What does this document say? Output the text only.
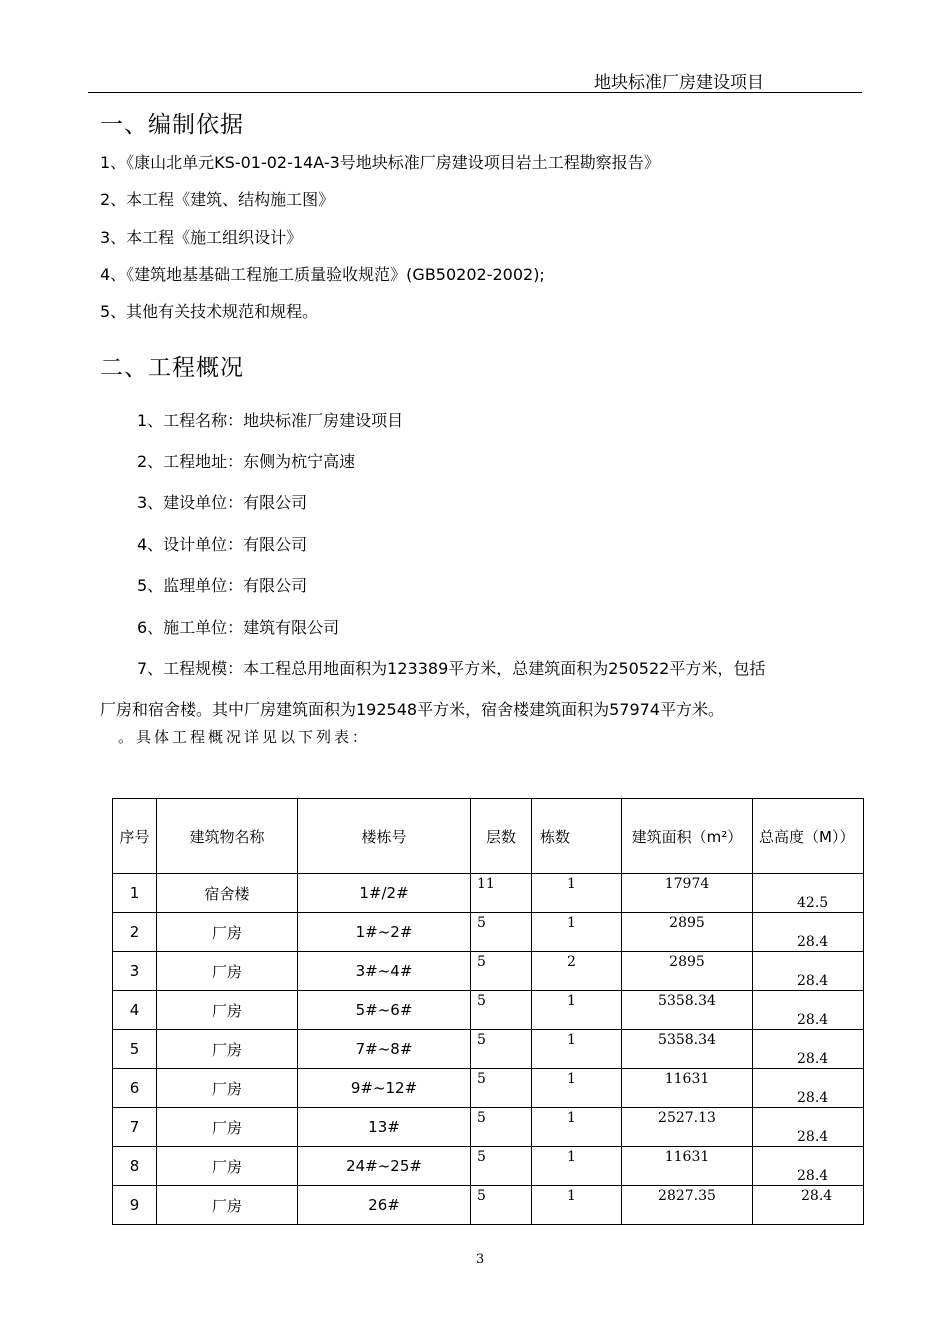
地块标准厂房建设项目
一、编制依据
1、《康山北单元KS-01-02-14A-3号地块标准厂房建设项目岩土工程勘察报告》
2、本工程《建筑、结构施工图》
3、本工程《施工组织设计》
4、《建筑地基基础工程施工质量验收规范》(GB50202-2002);
5、其他有关技术规范和规程。
二、工程概况
1、工程名称：地块标准厂房建设项目
2、工程地址：东侧为杭宁高速
3、建设单位：有限公司
4、设计单位：有限公司
5、监理单位：有限公司
6、施工单位：建筑有限公司
7、工程规模：本工程总用地面积为123389平方米，总建筑面积为250522平方米，包括
厂房和宿舍楼。其中厂房建筑面积为192548平方米，宿舍楼建筑面积为57974平方米。
。具体工程概况详见以下列表：
序号	建筑物名称	楼栋号	层数	栋数	建筑面积（m²）	总高度（M））
1	宿舍楼	1#/2#	11	1	17974	42.5

2	厂房	1#~2#	5	1	2895	28.4

3	厂房	3#~4#	5	2	2895	28.4

4	厂房	5#~6#	5	1	5358.34	28.4

5	厂房	7#~8#	5	1	5358.34	28.4

6	厂房	9#~12#	5	1	11631	28.4

7	厂房	13#	5	1	2527.13	28.4

8	厂房	24#~25#	5	1	11631	28.4

9	厂房	26#	5	1	2827.35	28.4
3
